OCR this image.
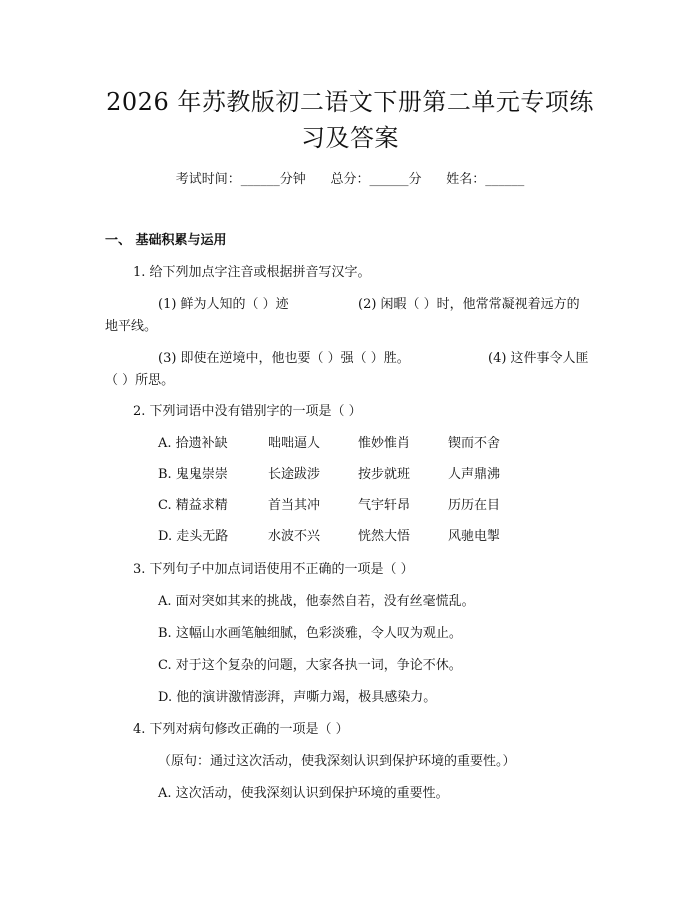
2026 年苏教版初二语文下册第二单元专项练
习及答案
考试时间：______分钟      总分：______分      姓名：______
一、 基础积累与运用
1. 给下列加点字注音或根据拼音写汉字。
(1) 鲜为人知的（ ）迹	(2) 闲暇（ ）时，他常常凝视着远方的
地平线。
(3) 即使在逆境中，他也要（ ）强（ ）胜。	(4) 这件事令人匪
（ ）所思。
2. 下列词语中没有错别字的一项是（ ）
A. 拾遗补缺	咄咄逼人	惟妙惟肖	锲而不舍
B. 鬼鬼崇崇	长途跋涉	按步就班	人声鼎沸
C. 精益求精	首当其冲	气宇轩昂	历历在目
D. 走头无路	水波不兴	恍然大悟	风驰电掣
3. 下列句子中加点词语使用不正确的一项是（ ）
A. 面对突如其来的挑战，他泰然自若，没有丝毫慌乱。
B. 这幅山水画笔触细腻，色彩淡雅，令人叹为观止。
C. 对于这个复杂的问题，大家各执一词，争论不休。
D. 他的演讲激情澎湃，声嘶力竭，极具感染力。
4. 下列对病句修改正确的一项是（ ）
（原句：通过这次活动，使我深刻认识到保护环境的重要性。）
A. 这次活动，使我深刻认识到保护环境的重要性。
